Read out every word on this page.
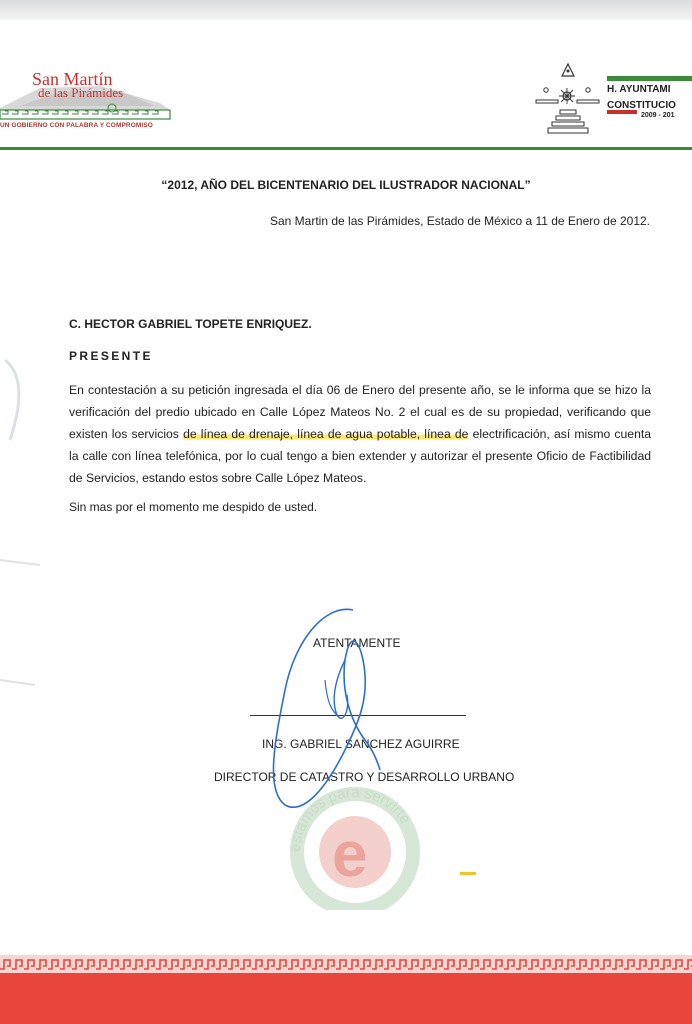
San Martín
de las Pirámides
UN GOBIERNO CON PALABRA Y COMPROMISO
H. AYUNTAMI
CONSTITUCIO
2009 - 201
“2012, AÑO DEL BICENTENARIO DEL ILUSTRADOR NACIONAL”
San Martin de las Pirámides, Estado de México a 11 de Enero de 2012.
C. HECTOR GABRIEL TOPETE ENRIQUEZ.
PRESENTE
En contestación a su petición ingresada el día 06 de Enero del presente año, se le informa que se hizo la verificación del predio ubicado en Calle López Mateos No. 2 el cual es de su propiedad, verificando que existen los servicios de línea de drenaje, línea de agua potable, línea de electrificación, así mismo cuenta la calle con línea telefónica, por lo cual tengo a bien extender y autorizar el presente Oficio de Factibilidad de Servicios, estando estos sobre Calle López Mateos.
Sin mas por el momento me despido de usted.
e
estamos para servirte
ATENTAMENTE
ING. GABRIEL SANCHEZ AGUIRRE
DIRECTOR DE CATASTRO Y DESARROLLO URBANO
